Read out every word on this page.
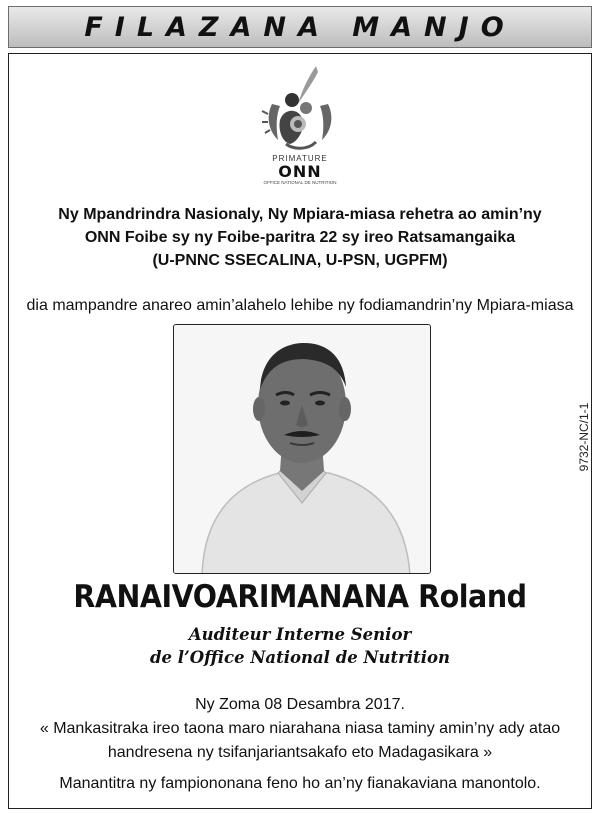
FILAZANA MANJO
PRIMATURE
ONN
OFFICE NATIONAL DE NUTRITION
Ny Mpandrindra Nasionaly, Ny Mpiara-miasa rehetra ao amin’ny
ONN Foibe sy ny Foibe-paritra 22 sy ireo Ratsamangaika
(U-PNNC SSECALINA, U-PSN, UGPFM)
dia mampandre anareo amin’alahelo lehibe ny fodiamandrin’ny Mpiara-miasa
9732-NC/1-1
RANAIVOARIMANANA Roland
Auditeur Interne Senior
de l’Office National de Nutrition
Ny Zoma 08 Desambra 2017.
« Mankasitraka ireo taona maro niarahana niasa taminy amin’ny ady atao
handresena ny tsifanjariantsakafo eto Madagasikara »
Manantitra ny fampiononana feno ho an’ny fianakaviana manontolo.
